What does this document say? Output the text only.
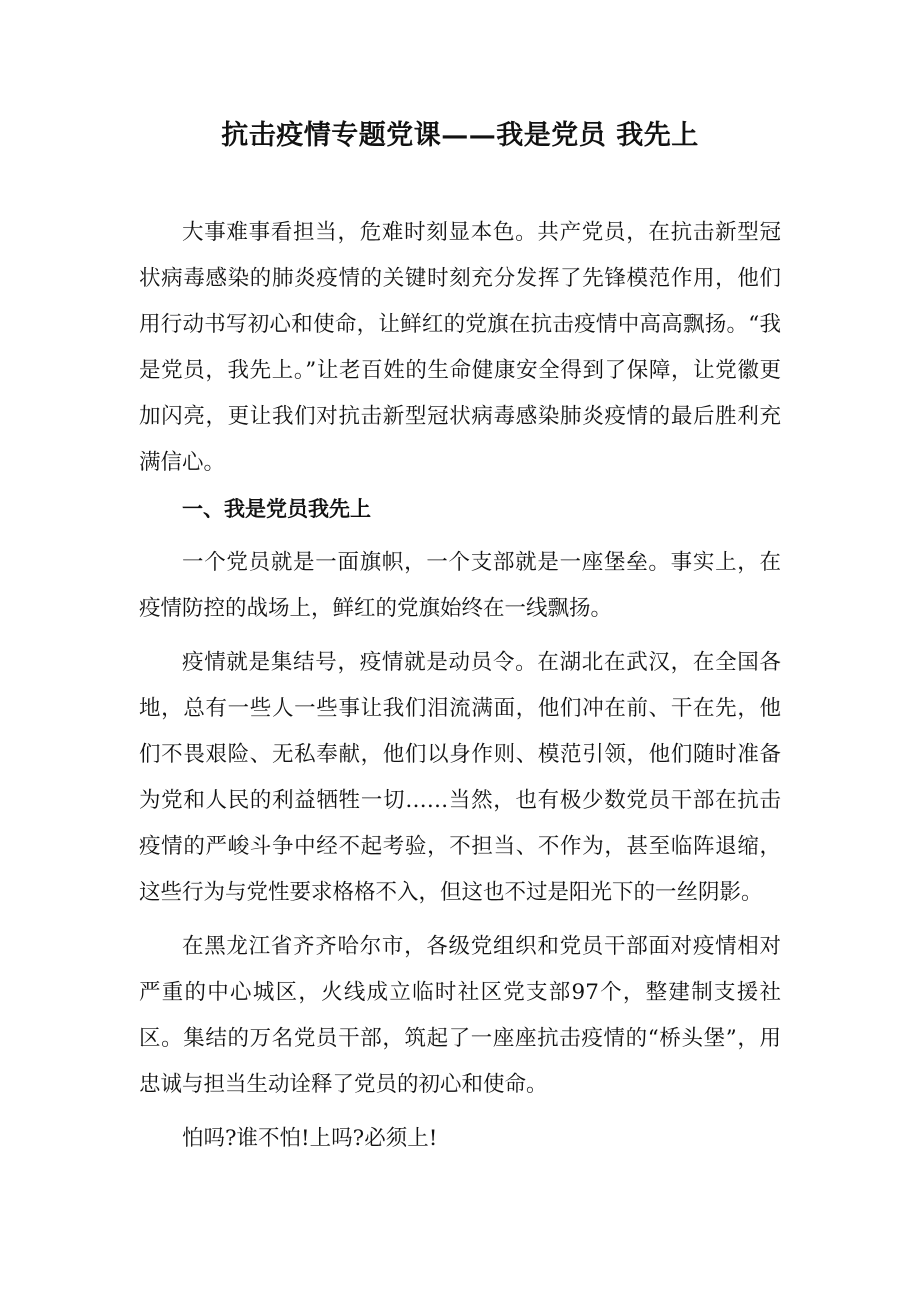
抗击疫情专题党课——我是党员 我先上

大事难事看担当，危难时刻显本色。共产党员，在抗击新型冠状病毒感染的肺炎疫情的关键时刻充分发挥了先锋模范作用，他们用行动书写初心和使命，让鲜红的党旗在抗击疫情中高高飘扬。“我是党员，我先上。”让老百姓的生命健康安全得到了保障，让党徽更加闪亮，更让我们对抗击新型冠状病毒感染肺炎疫情的最后胜利充满信心。

一、我是党员我先上

一个党员就是一面旗帜，一个支部就是一座堡垒。事实上，在疫情防控的战场上，鲜红的党旗始终在一线飘扬。

疫情就是集结号，疫情就是动员令。在湖北在武汉，在全国各地，总有一些人一些事让我们泪流满面，他们冲在前、干在先，他们不畏艰险、无私奉献，他们以身作则、模范引领，他们随时准备为党和人民的利益牺牲一切……当然，也有极少数党员干部在抗击疫情的严峻斗争中经不起考验，不担当、不作为，甚至临阵退缩，这些行为与党性要求格格不入，但这也不过是阳光下的一丝阴影。

在黑龙江省齐齐哈尔市，各级党组织和党员干部面对疫情相对严重的中心城区，火线成立临时社区党支部97个，整建制支援社区。集结的万名党员干部，筑起了一座座抗击疫情的“桥头堡”，用忠诚与担当生动诠释了党员的初心和使命。

怕吗?谁不怕!上吗?必须上!
